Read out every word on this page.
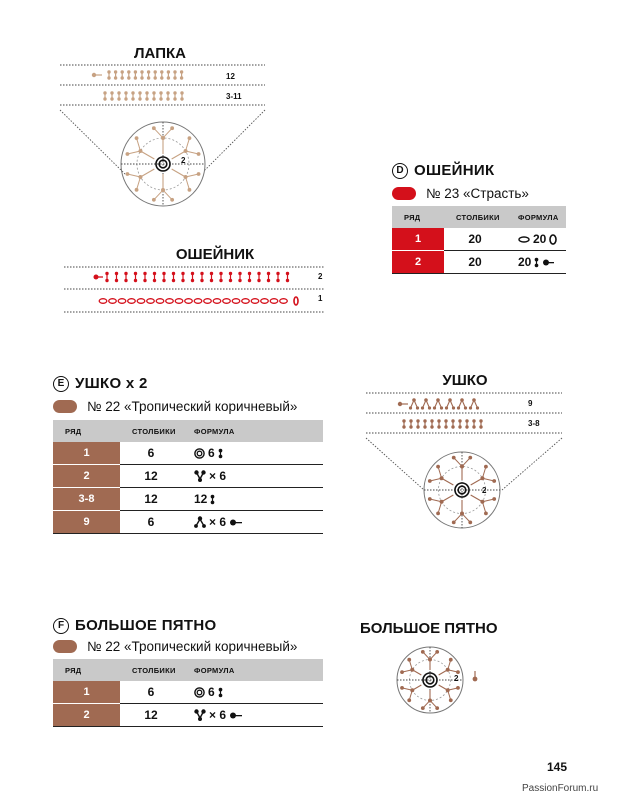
ЛАПКА
12
3-11
2
D ОШЕЙНИК
№ 23 «Страсть»
РЯД	СТОЛБИКИ	ФОРМУЛА
1	20	20

2	20	20
ОШЕЙНИК
2
1
E УШКО x 2
№ 22 «Тропический коричневый»
РЯД	СТОЛБИКИ	ФОРМУЛА
1	6	6

2	12	× 6

3-8	12	12

9	6	× 6
УШКО
9
3-8
2
F БОЛЬШОЕ ПЯТНО
№ 22 «Тропический коричневый»
РЯД	СТОЛБИКИ	ФОРМУЛА
1	6	6

2	12	× 6
БОЛЬШОЕ ПЯТНО
2
145
PassionForum.ru
